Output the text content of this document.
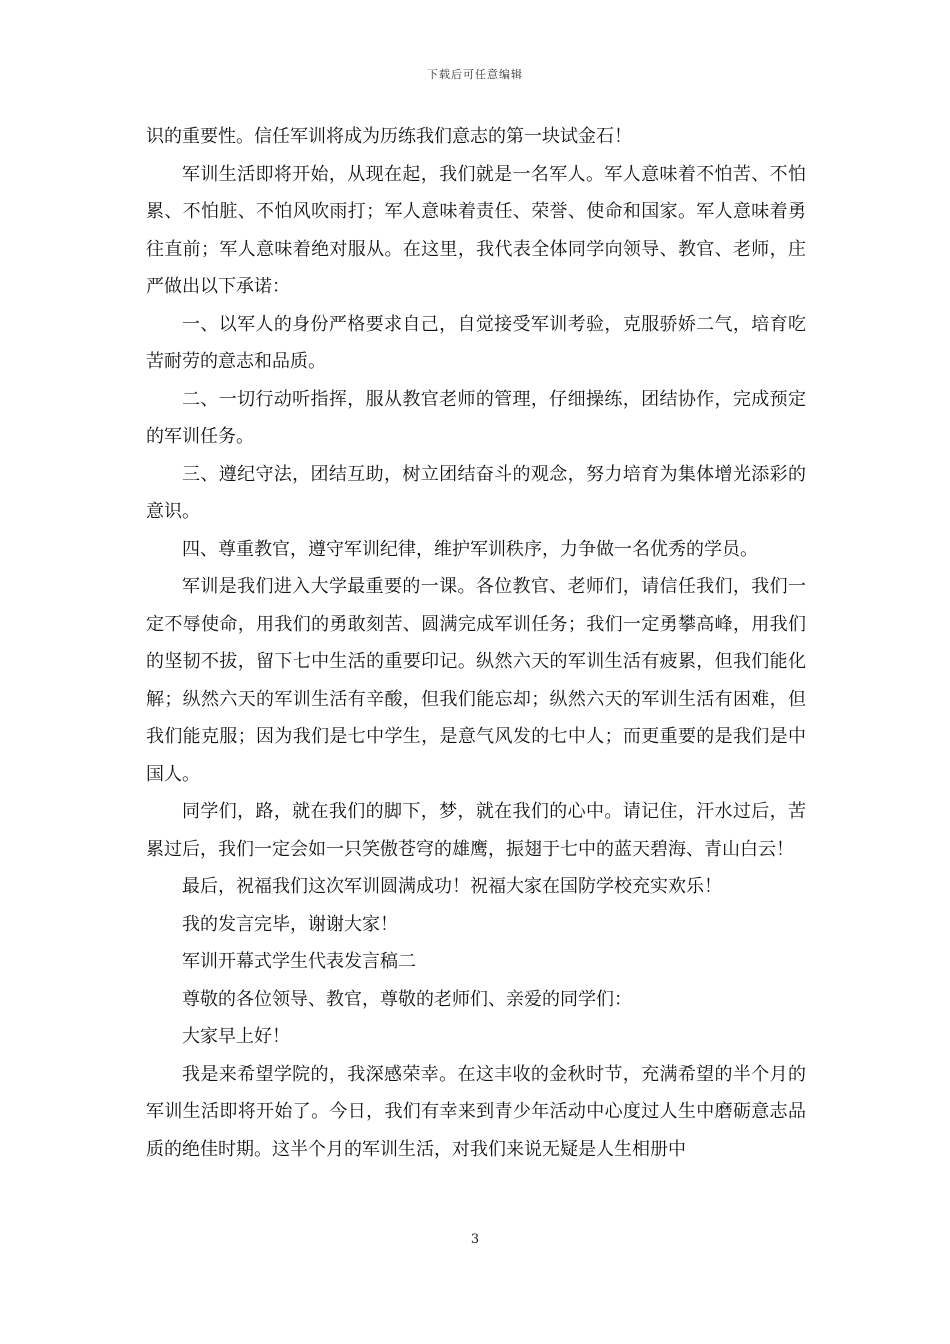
下载后可任意编辑

识的重要性。信任军训将成为历练我们意志的第一块试金石！

军训生活即将开始，从现在起，我们就是一名军人。军人意味着不怕苦、不怕累、不怕脏、不怕风吹雨打；军人意味着责任、荣誉、使命和国家。军人意味着勇往直前；军人意味着绝对服从。在这里，我代表全体同学向领导、教官、老师，庄严做出以下承诺：

一、以军人的身份严格要求自己，自觉接受军训考验，克服骄娇二气，培育吃苦耐劳的意志和品质。

二、一切行动听指挥，服从教官老师的管理，仔细操练，团结协作，完成预定的军训任务。

三、遵纪守法，团结互助，树立团结奋斗的观念，努力培育为集体增光添彩的意识。

四、尊重教官，遵守军训纪律，维护军训秩序，力争做一名优秀的学员。

军训是我们进入大学最重要的一课。各位教官、老师们，请信任我们，我们一定不辱使命，用我们的勇敢刻苦、圆满完成军训任务；我们一定勇攀高峰，用我们的坚韧不拔，留下七中生活的重要印记。纵然六天的军训生活有疲累，但我们能化解；纵然六天的军训生活有辛酸，但我们能忘却；纵然六天的军训生活有困难，但我们能克服；因为我们是七中学生，是意气风发的七中人；而更重要的是我们是中国人。

同学们，路，就在我们的脚下，梦，就在我们的心中。请记住，汗水过后，苦累过后，我们一定会如一只笑傲苍穹的雄鹰，振翅于七中的蓝天碧海、青山白云！

最后，祝福我们这次军训圆满成功！祝福大家在国防学校充实欢乐！

我的发言完毕，谢谢大家！

军训开幕式学生代表发言稿二

尊敬的各位领导、教官，尊敬的老师们、亲爱的同学们：

大家早上好！

我是来希望学院的，我深感荣幸。在这丰收的金秋时节，充满希望的半个月的军训生活即将开始了。今日，我们有幸来到青少年活动中心度过人生中磨砺意志品质的绝佳时期。这半个月的军训生活，对我们来说无疑是人生相册中

3
